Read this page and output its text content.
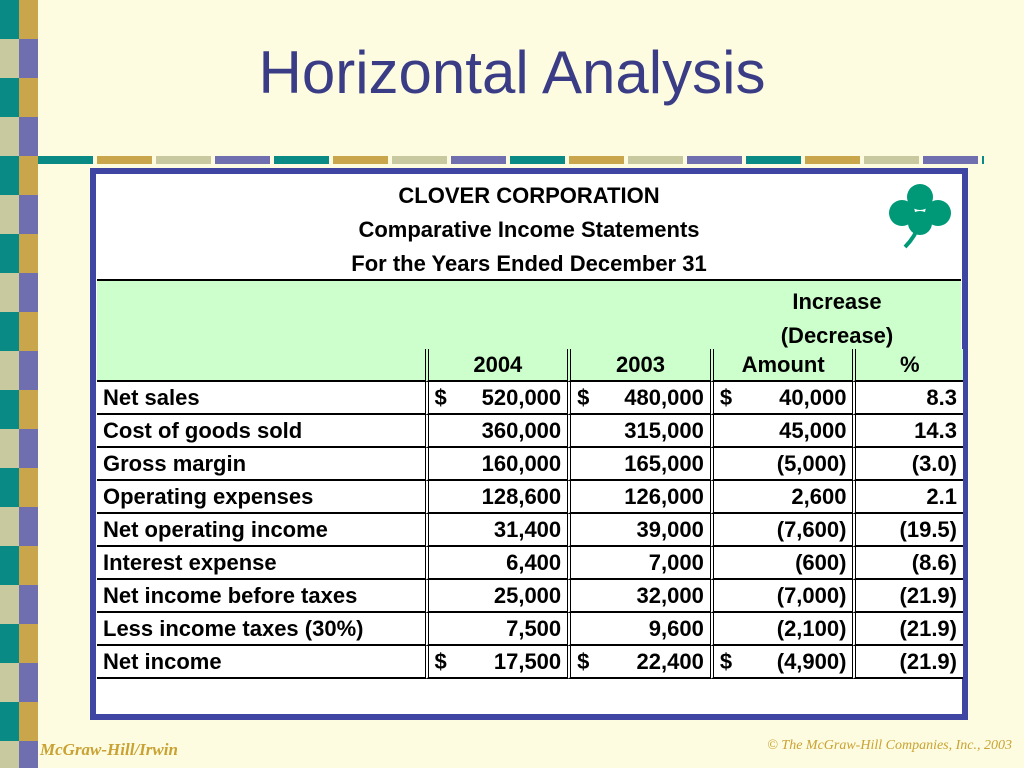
Horizontal Analysis
CLOVER CORPORATION
Comparative Income Statements
For the Years Ended December 31
Increase
(Decrease)
	2004	2003	Amount	%
Net sales	$ 520,000	$ 480,000	$ 40,000	8.3
Cost of goods sold	360,000	315,000	45,000	14.3
Gross margin	160,000	165,000	(5,000)	(3.0)
Operating expenses	128,600	126,000	2,600	2.1
Net operating income	31,400	39,000	(7,600)	(19.5)
Interest expense	6,400	7,000	(600)	(8.6)
Net income before taxes	25,000	32,000	(7,000)	(21.9)
Less income taxes (30%)	7,500	9,600	(2,100)	(21.9)
Net income	$ 17,500	$ 22,400	$ (4,900)	(21.9)
McGraw-Hill/Irwin	© The McGraw-Hill Companies, Inc., 2003
